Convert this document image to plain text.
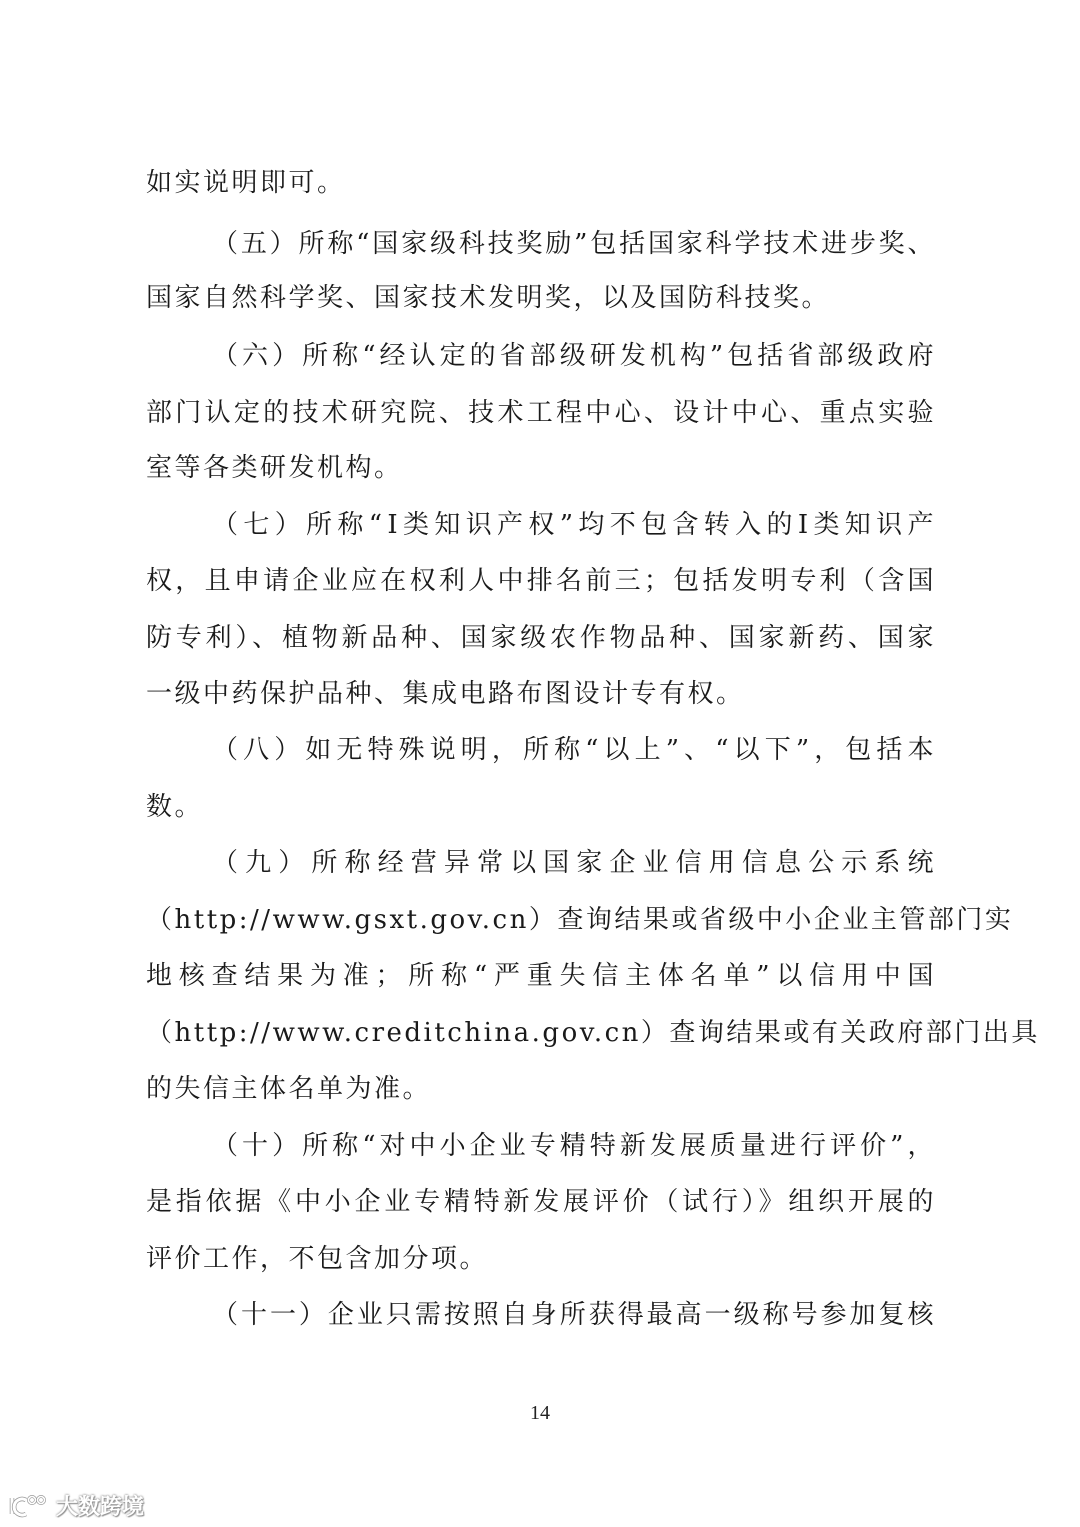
如实说明即可。
（五）所称“国家级科技奖励”包括国家科学技术进步奖、
国家自然科学奖、国家技术发明奖，以及国防科技奖。
（六）所称“经认定的省部级研发机构”包括省部级政府
部门认定的技术研究院、技术工程中心、设计中心、重点实验
室等各类研发机构。
（七）所称“Ⅰ类知识产权”均不包含转入的Ⅰ类知识产
权，且申请企业应在权利人中排名前三；包括发明专利（含国
防专利）、植物新品种、国家级农作物品种、国家新药、国家
一级中药保护品种、集成电路布图设计专有权。
（八）如无特殊说明，所称“以上”、“以下”，包括本
数。
（九）所称经营异常以国家企业信用信息公示系统
（http://www.gsxt.gov.cn）查询结果或省级中小企业主管部门实
地核查结果为准；所称“严重失信主体名单”以信用中国
（http://www.creditchina.gov.cn）查询结果或有关政府部门出具
的失信主体名单为准。
（十）所称“对中小企业专精特新发展质量进行评价”，
是指依据《中小企业专精特新发展评价（试行）》组织开展的
评价工作，不包含加分项。
（十一）企业只需按照自身所获得最高一级称号参加复核
14
大数跨境
